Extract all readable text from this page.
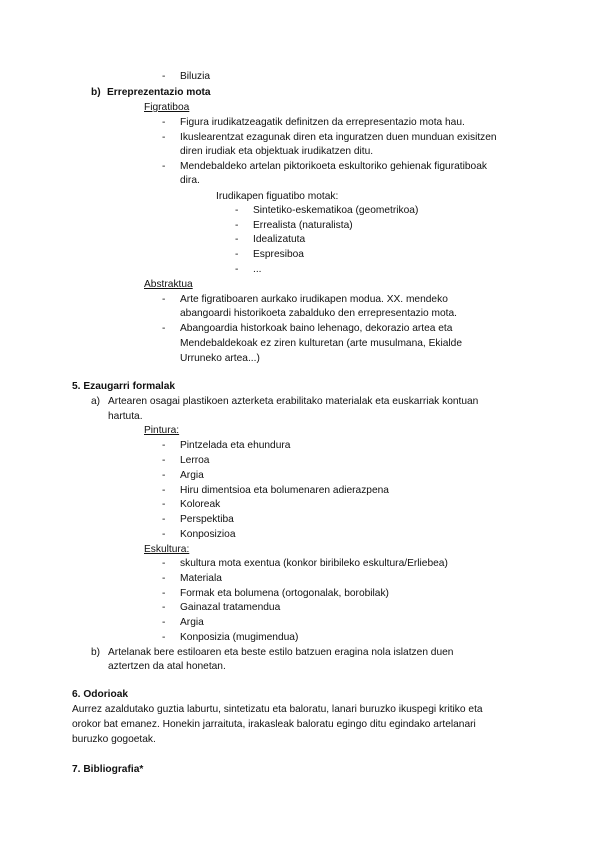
- Biluzia
b) Erreprezentazio mota
Figratiboa
- Figura irudikatzeagatik definitzen da errepresentazio mota hau.
- Ikuslearentzat ezagunak diren eta inguratzen duen munduan exisitzen
diren irudiak eta objektuak irudikatzen ditu.
- Mendebaldeko artelan piktorikoeta eskultoriko gehienak figuratiboak
dira.
Irudikapen figuatibo motak:
- Sintetiko-eskematikoa (geometrikoa)
- Errealista (naturalista)
- Idealizatuta
- Espresiboa
- ...
Abstraktua
- Arte figratiboaren aurkako irudikapen modua. XX. mendeko
abangoardi historikoeta zabalduko den errepresentazio mota.
- Abangoardia historkoak baino lehenago, dekorazio artea eta
Mendebaldekoak ez ziren kulturetan (arte musulmana, Ekialde
Urruneko artea...)
5. Ezaugarri formalak
a) Artearen osagai plastikoen azterketa erabilitako materialak eta euskarriak kontuan
hartuta.
Pintura:
- Pintzelada eta ehundura
- Lerroa
- Argia
- Hiru dimentsioa eta bolumenaren adierazpena
- Koloreak
- Perspektiba
- Konposizioa
Eskultura:
- skultura mota exentua (konkor biribileko eskultura/Erliebea)
- Materiala
- Formak eta bolumena (ortogonalak, borobilak)
- Gainazal tratamendua
- Argia
- Konposizia (mugimendua)
b) Artelanak bere estiloaren eta beste estilo batzuen eragina nola islatzen duen
aztertzen da atal honetan.
6. Odorioak
Aurrez azaldutako guztia laburtu, sintetizatu eta baloratu, lanari buruzko ikuspegi kritiko eta
orokor bat emanez. Honekin jarraituta, irakasleak baloratu egingo ditu egindako artelanari
buruzko gogoetak.
7. Bibliografia*
